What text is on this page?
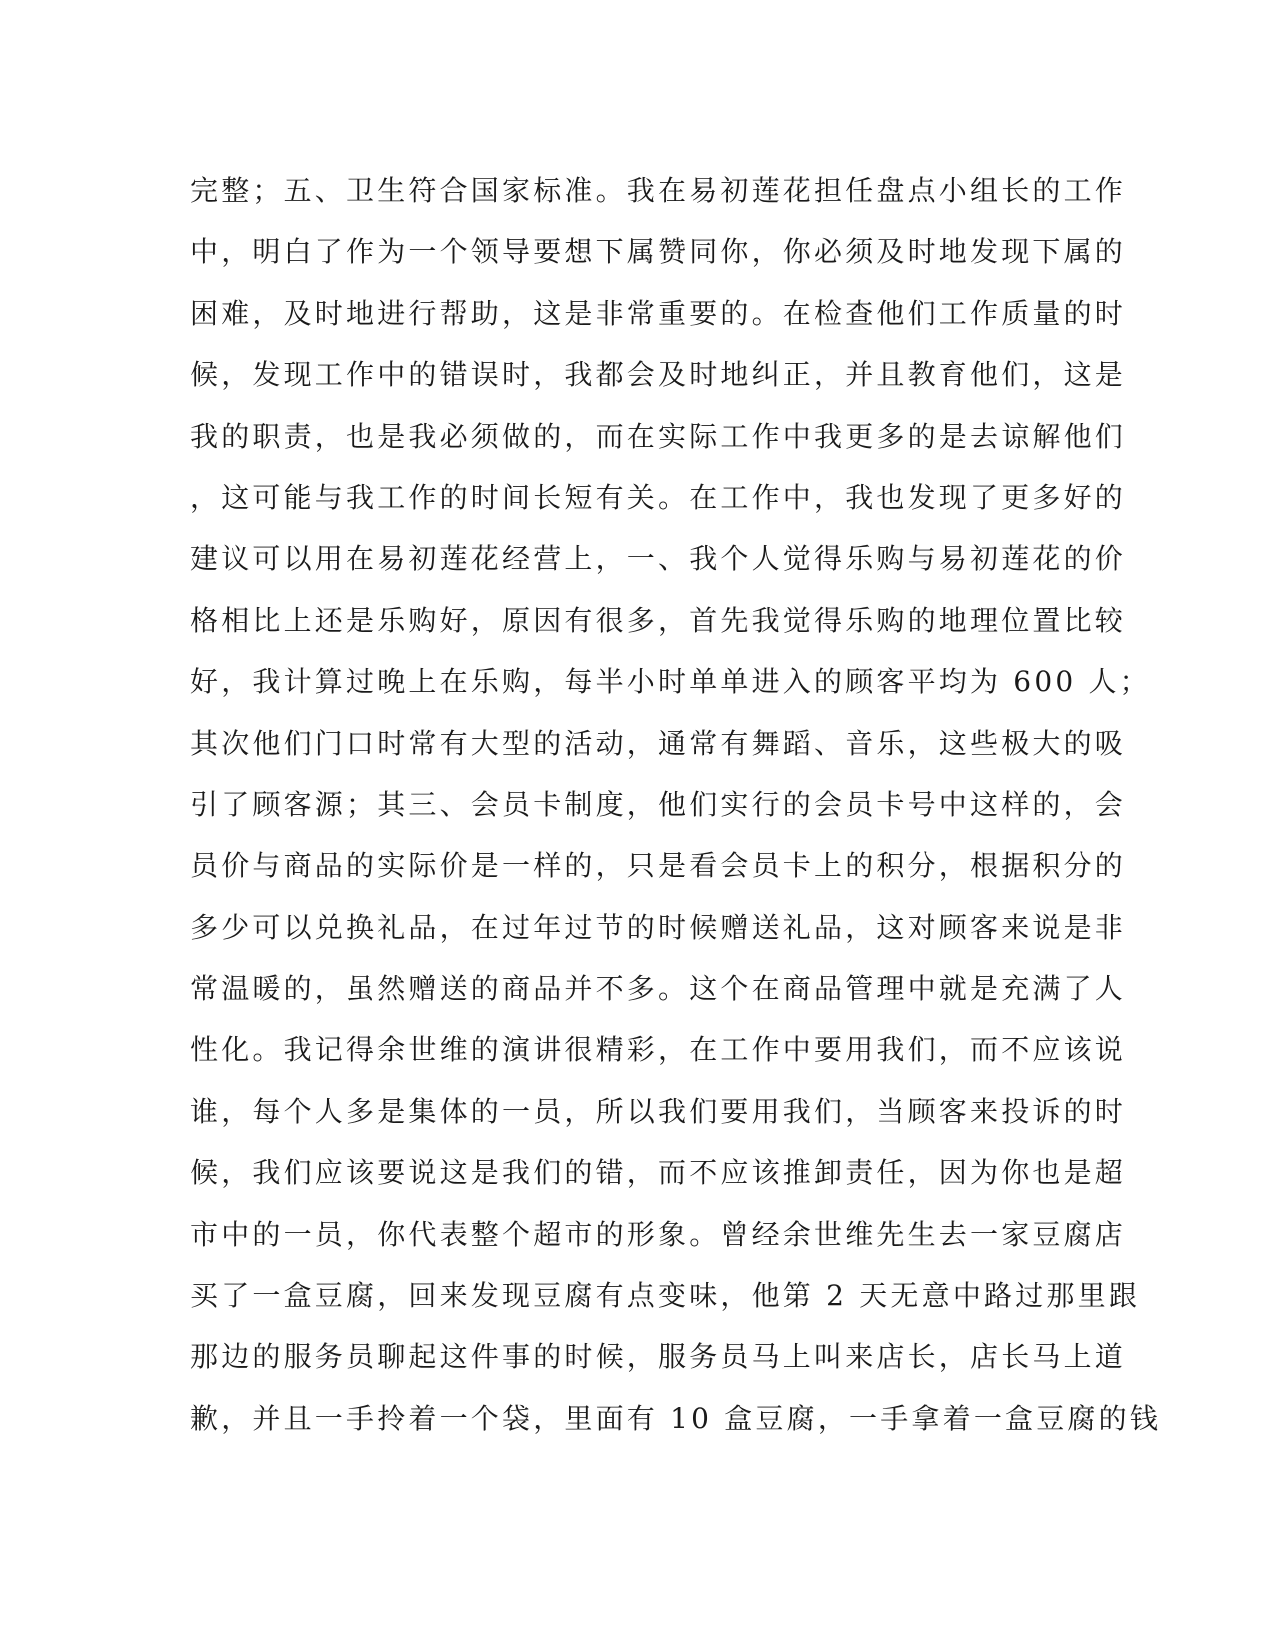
完整；五、卫生符合国家标准。我在易初莲花担任盘点小组长的工作
中，明白了作为一个领导要想下属赞同你，你必须及时地发现下属的
困难，及时地进行帮助，这是非常重要的。在检查他们工作质量的时
候，发现工作中的错误时，我都会及时地纠正，并且教育他们，这是
我的职责，也是我必须做的，而在实际工作中我更多的是去谅解他们
，这可能与我工作的时间长短有关。在工作中，我也发现了更多好的
建议可以用在易初莲花经营上，一、我个人觉得乐购与易初莲花的价
格相比上还是乐购好，原因有很多，首先我觉得乐购的地理位置比较
好，我计算过晚上在乐购，每半小时单单进入的顾客平均为 600 人；
其次他们门口时常有大型的活动，通常有舞蹈、音乐，这些极大的吸
引了顾客源；其三、会员卡制度，他们实行的会员卡号中这样的，会
员价与商品的实际价是一样的，只是看会员卡上的积分，根据积分的
多少可以兑换礼品，在过年过节的时候赠送礼品，这对顾客来说是非
常温暖的，虽然赠送的商品并不多。这个在商品管理中就是充满了人
性化。我记得余世维的演讲很精彩，在工作中要用我们，而不应该说
谁，每个人多是集体的一员，所以我们要用我们，当顾客来投诉的时
候，我们应该要说这是我们的错，而不应该推卸责任，因为你也是超
市中的一员，你代表整个超市的形象。曾经余世维先生去一家豆腐店
买了一盒豆腐，回来发现豆腐有点变味，他第 2 天无意中路过那里跟
那边的服务员聊起这件事的时候，服务员马上叫来店长，店长马上道
歉，并且一手拎着一个袋，里面有 10 盒豆腐，一手拿着一盒豆腐的钱
